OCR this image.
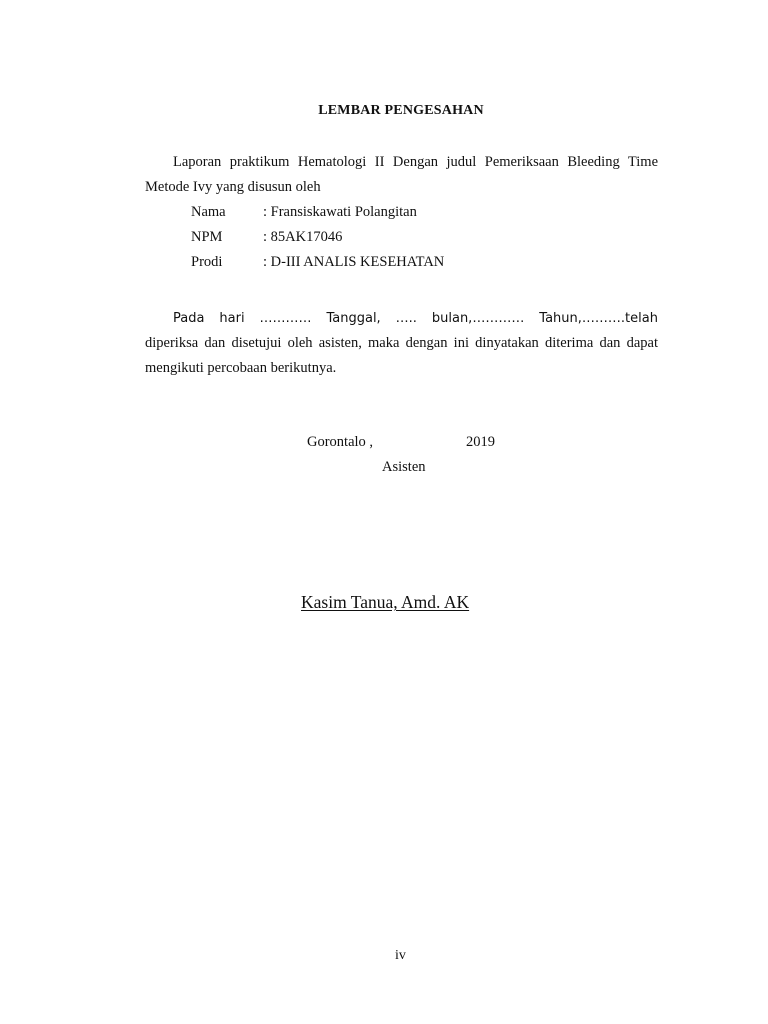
LEMBAR PENGESAHAN
Laporan praktikum Hematologi II Dengan judul Pemeriksaan Bleeding Time Metode Ivy yang disusun oleh
Nama	: Fransiskawati Polangitan
NPM	: 85AK17046
Prodi	: D-III ANALIS KESEHATAN
Pada hari ………… Tanggal, ….. bulan,………… Tahun,……….telah
diperiksa dan disetujui oleh asisten, maka dengan ini dinyatakan diterima dan dapat mengikuti percobaan berikutnya.
Gorontalo ,	2019
Asisten
Kasim Tanua, Amd. AK
iv
